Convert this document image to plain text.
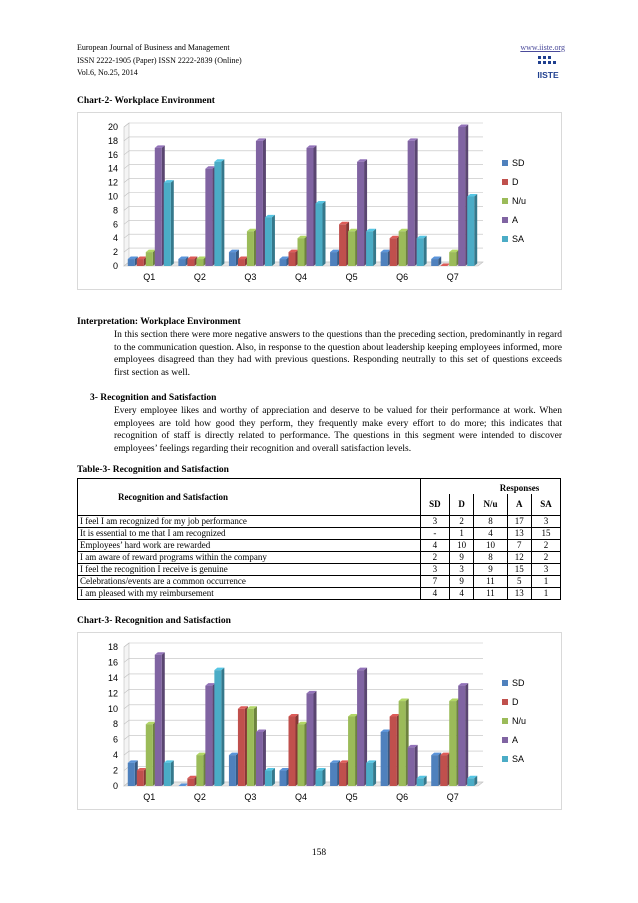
European Journal of Business and Management
ISSN 2222-1905 (Paper) ISSN 2222-2839 (Online)
Vol.6, No.25, 2014
www.iiste.org
IISTE
Chart-2- Workplace Environment
0
2
4
6
8
10
12
14
16
18
20
Q1	Q2	Q3	Q4	Q5	Q6	Q7
SD
D
N/u
A
SA
Interpretation: Workplace Environment
In this section there were more negative answers to the questions than the preceding section, predominantly in regard to the communication question. Also, in response to the question about leadership keeping employees informed, more employees disagreed than they had with previous questions. Responding neutrally to this set of questions exceeds first section as well.
3- Recognition and Satisfaction
Every employee likes and worthy of appreciation and deserve to be valued for their performance at work. When employees are told how good they perform, they frequently make every effort to do more; this indicates that recognition of staff is directly related to performance. The questions in this segment were intended to discover employees’ feelings regarding their recognition and overall satisfaction levels.
Table-3- Recognition and Satisfaction
Recognition and Satisfaction	Responses				
	SD	D	N/u	A	SA
I feel I am recognized for my job performance	3	2	8	17	3
It is essential to me that I am recognized	-	1	4	13	15
Employees’ hard work are rewarded	4	10	10	7	2
I am aware of reward programs within the company	2	9	8	12	2
I feel the recognition I receive is genuine	3	3	9	15	3
Celebrations/events are a common occurrence	7	9	11	5	1
I am pleased with my reimbursement	4	4	11	13	1
Chart-3- Recognition and Satisfaction
0
2
4
6
8
10
12
14
16
18
Q1	Q2	Q3	Q4	Q5	Q6	Q7
SD
D
N/u
A
SA
158
